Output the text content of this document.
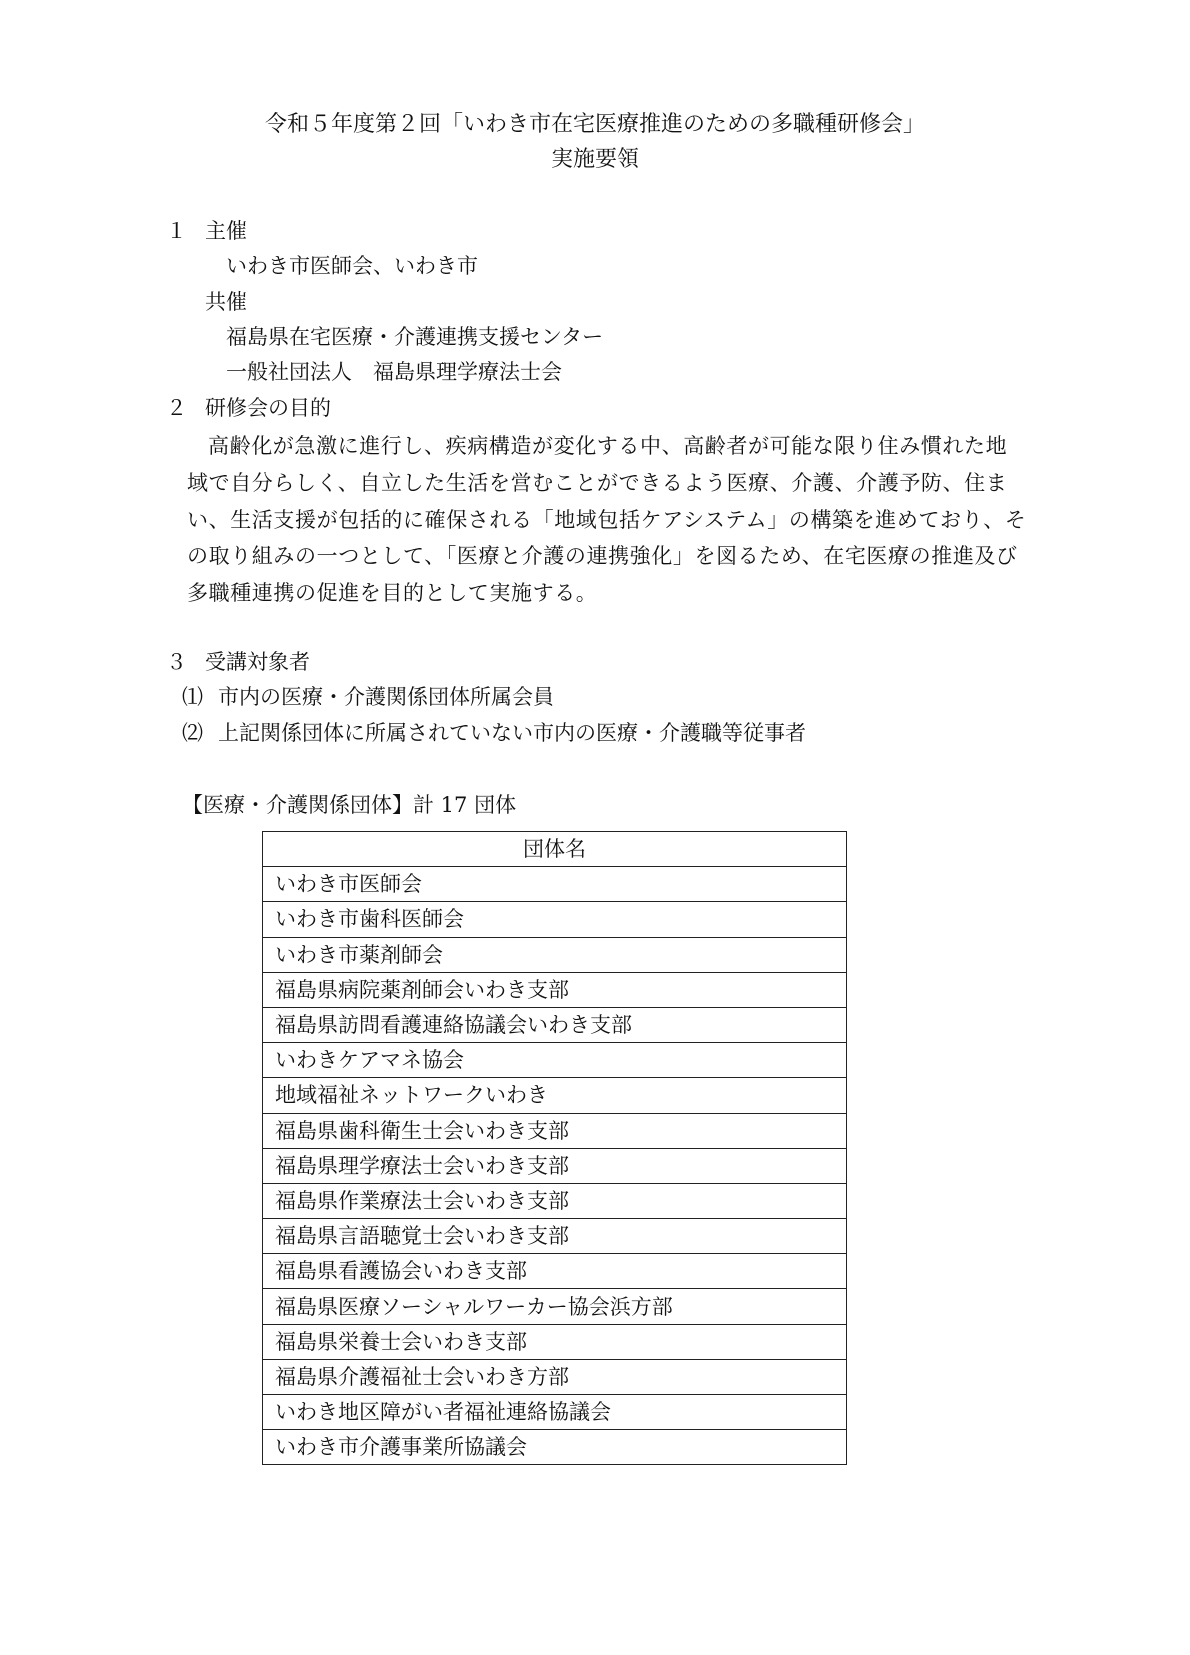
令和５年度第２回「いわき市在宅医療推進のための多職種研修会」
実施要領
１ 主催
いわき市医師会、いわき市
共催
福島県在宅医療・介護連携支援センター
一般社団法人　福島県理学療法士会
２ 研修会の目的
高齢化が急激に進行し、疾病構造が変化する中、高齢者が可能な限り住み慣れた地域で自分らしく、自立した生活を営むことができるよう医療、介護、介護予防、住まい、生活支援が包括的に確保される「地域包括ケアシステム」の構築を進めており、その取り組みの一つとして、「医療と介護の連携強化」を図るため、在宅医療の推進及び多職種連携の促進を目的として実施する。
３ 受講対象者
⑴ 市内の医療・介護関係団体所属会員
⑵ 上記関係団体に所属されていない市内の医療・介護職等従事者
【医療・介護関係団体】計 17 団体
団体名
いわき市医師会
いわき市歯科医師会
いわき市薬剤師会
福島県病院薬剤師会いわき支部
福島県訪問看護連絡協議会いわき支部
いわきケアマネ協会
地域福祉ネットワークいわき
福島県歯科衛生士会いわき支部
福島県理学療法士会いわき支部
福島県作業療法士会いわき支部
福島県言語聴覚士会いわき支部
福島県看護協会いわき支部
福島県医療ソーシャルワーカー協会浜方部
福島県栄養士会いわき支部
福島県介護福祉士会いわき方部
いわき地区障がい者福祉連絡協議会
いわき市介護事業所協議会
